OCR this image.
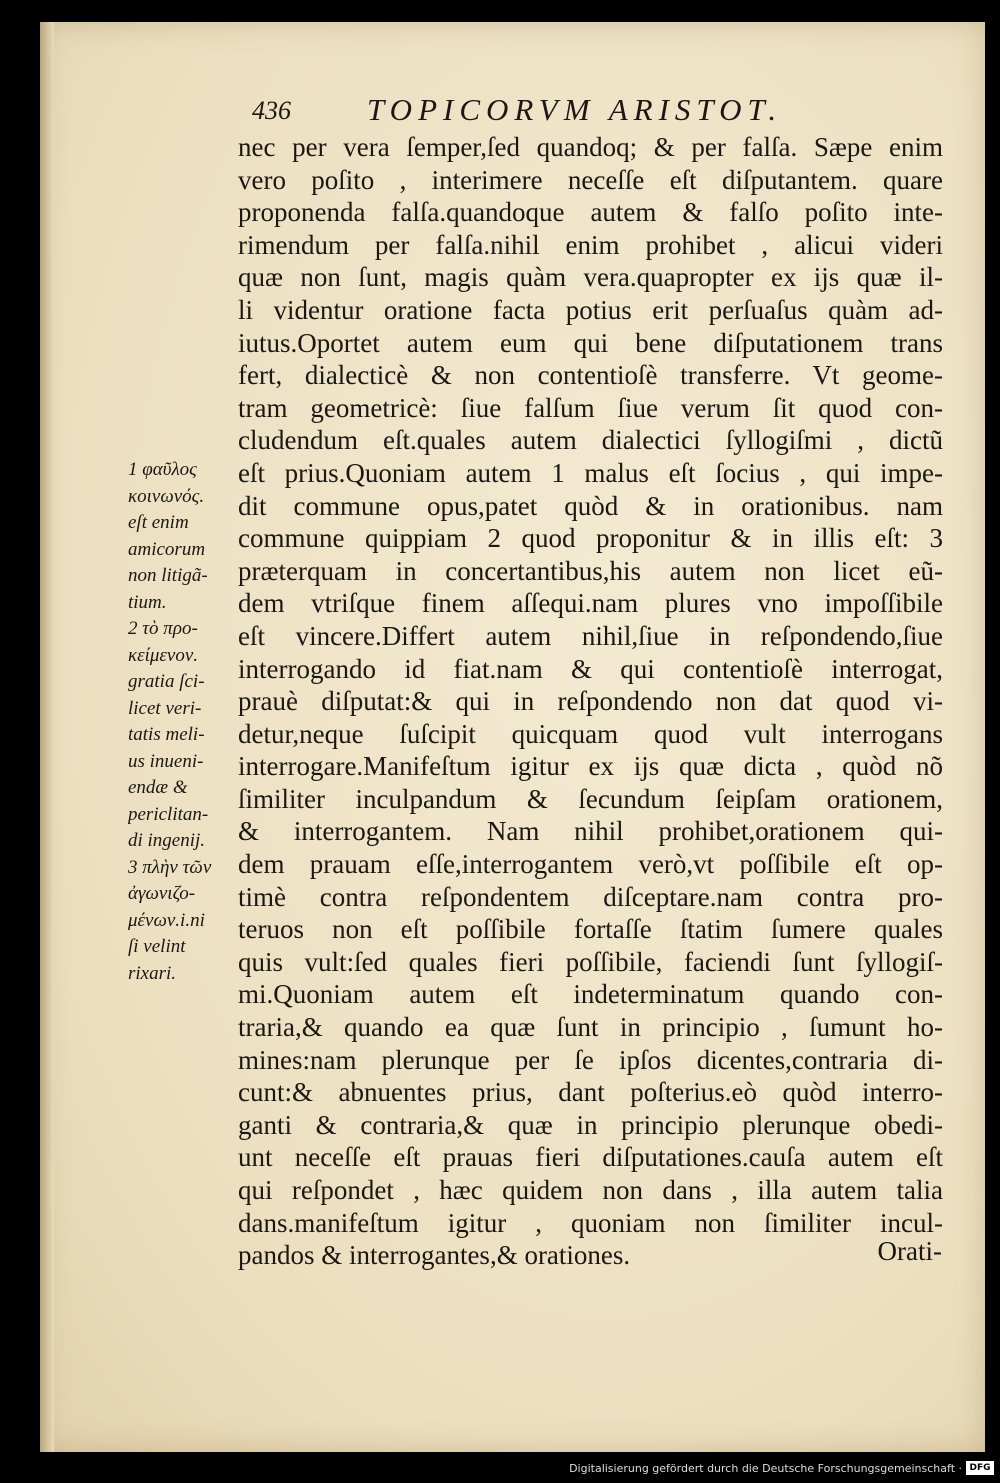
436 TOPICORVM ARISTOT.
1 φαῦλος
κοινωνός.
eſt enim
amicorum
non litigã-
tium.
2 τὸ προ-
κείμενον.
gratia ſci-
licet veri-
tatis meli-
us inueni-
endæ &
periclitan-
di ingenij.
3 πλὴν τῶν
ἀγωνιζο-
μένων.i.ni
ſi velint
rixari.
nec per vera ſemper,ſed quandoq; & per falſa. Sæpe enim
vero poſito , interimere neceſſe eſt diſputantem. quare
proponenda falſa.quandoque autem & falſo poſito inte-
rimendum per falſa.nihil enim prohibet , alicui videri
quæ non ſunt, magis quàm vera.quapropter ex ijs quæ il-
li videntur oratione facta potius erit perſuaſus quàm ad-
iutus.Oportet autem eum qui bene diſputationem trans
fert, dialecticè & non contentioſè transferre. Vt geome-
tram geometricè: ſiue falſum ſiue verum ſit quod con-
cludendum eſt.quales autem dialectici ſyllogiſmi , dictũ
eſt prius.Quoniam autem 1 malus eſt ſocius , qui impe-
dit commune opus,patet quòd & in orationibus. nam
commune quippiam 2 quod proponitur & in illis eſt: 3
præterquam in concertantibus,his autem non licet eũ-
dem vtriſque finem aſſequi.nam plures vno impoſſibile
eſt vincere.Differt autem nihil,ſiue in reſpondendo,ſiue
interrogando id fiat.nam & qui contentioſè interrogat,
prauè diſputat:& qui in reſpondendo non dat quod vi-
detur,neque ſuſcipit quicquam quod vult interrogans
interrogare.Manifeſtum igitur ex ijs quæ dicta , quòd nõ
ſimiliter inculpandum & ſecundum ſeipſam orationem,
& interrogantem. Nam nihil prohibet,orationem qui-
dem prauam eſſe,interrogantem verò,vt poſſibile eſt op-
timè contra reſpondentem diſceptare.nam contra pro-
teruos non eſt poſſibile fortaſſe ſtatim ſumere quales
quis vult:ſed quales fieri poſſibile, faciendi ſunt ſyllogiſ-
mi.Quoniam autem eſt indeterminatum quando con-
traria,& quando ea quæ ſunt in principio , ſumunt ho-
mines:nam plerunque per ſe ipſos dicentes,contraria di-
cunt:& abnuentes prius, dant poſterius.eò quòd interro-
ganti & contraria,& quæ in principio plerunque obedi-
unt neceſſe eſt prauas fieri diſputationes.cauſa autem eſt
qui reſpondet , hæc quidem non dans , illa autem talia
dans.manifeſtum igitur , quoniam non ſimiliter incul-
pandos & interrogantes,& orationes.	Orati-
Digitalisierung gefördert durch die Deutsche Forschungsgemeinschaft · DFG
